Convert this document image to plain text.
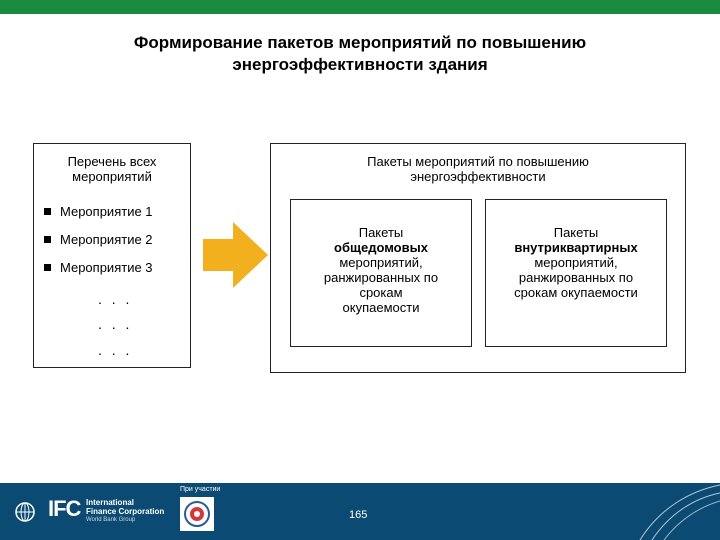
Формирование пакетов мероприятий по повышению
энергоэффективности здания
Перечень всех
мероприятий
Мероприятие 1
Мероприятие 2
Мероприятие 3
. . .
. . .
. . .
Пакеты мероприятий по повышению
энергоэффективности
Пакеты
общедомовых
мероприятий,
ранжированных по
срокам
окупаемости
Пакеты
внутриквартирных
мероприятий,
ранжированных по
срокам окупаемости
IFC International
Finance Corporation
World Bank Group
При участии
165
